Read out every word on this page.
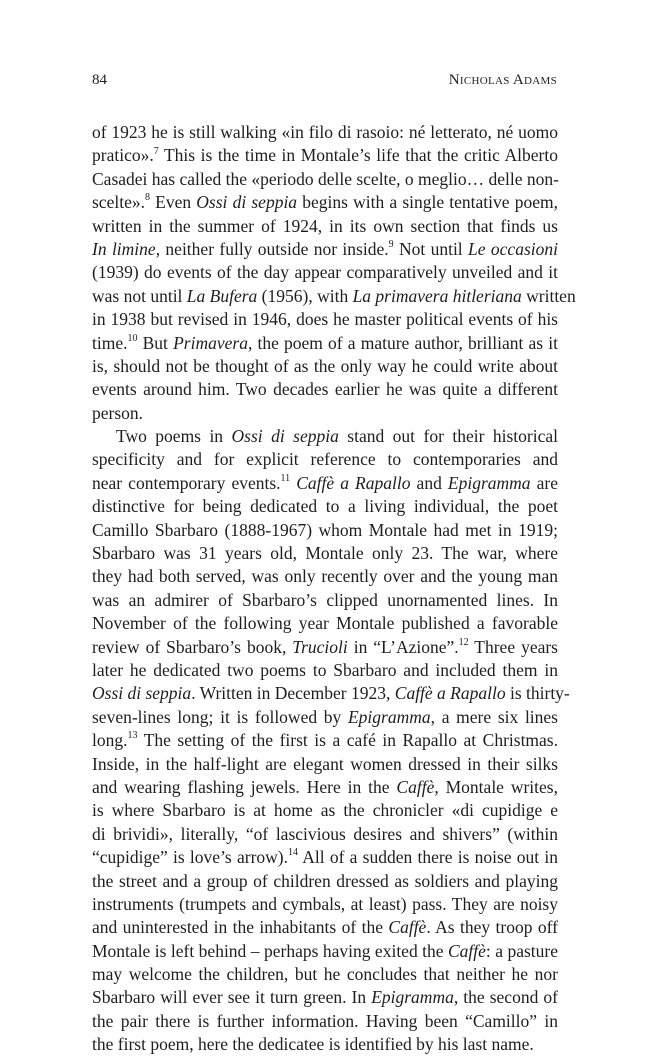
84	Nicholas Adams
of 1923 he is still walking «in filo di rasoio: né letterato, né uomo
pratico».$^7$ This is the time in Montale’s life that the critic Alberto
Casadei has called the «periodo delle scelte, o meglio… delle non-
scelte».$^8$ Even Ossi di seppia begins with a single tentative poem,
written in the summer of 1924, in its own section that finds us
In limine, neither fully outside nor inside.$^9$ Not until Le occasioni
(1939) do events of the day appear comparatively unveiled and it
was not until La Bufera (1956), with La primavera hitleriana written
in 1938 but revised in 1946, does he master political events of his
time.$^{10}$ But Primavera, the poem of a mature author, brilliant as it
is, should not be thought of as the only way he could write about
events around him. Two decades earlier he was quite a different
person.
Two poems in Ossi di seppia stand out for their historical
specificity and for explicit reference to contemporaries and
near contemporary events.$^{11}$ Caffè a Rapallo and Epigramma are
distinctive for being dedicated to a living individual, the poet
Camillo Sbarbaro (1888-1967) whom Montale had met in 1919;
Sbarbaro was 31 years old, Montale only 23. The war, where
they had both served, was only recently over and the young man
was an admirer of Sbarbaro’s clipped unornamented lines. In
November of the following year Montale published a favorable
review of Sbarbaro’s book, Trucioli in “L’Azione”.$^{12}$ Three years
later he dedicated two poems to Sbarbaro and included them in
Ossi di seppia. Written in December 1923, Caffè a Rapallo is thirty-
seven-lines long; it is followed by Epigramma, a mere six lines
long.$^{13}$ The setting of the first is a café in Rapallo at Christmas.
Inside, in the half-light are elegant women dressed in their silks
and wearing flashing jewels. Here in the Caffè, Montale writes,
is where Sbarbaro is at home as the chronicler «di cupidige e
di brividi», literally, “of lascivious desires and shivers” (within
“cupidige” is love’s arrow).$^{14}$ All of a sudden there is noise out in
the street and a group of children dressed as soldiers and playing
instruments (trumpets and cymbals, at least) pass. They are noisy
and uninterested in the inhabitants of the Caffè. As they troop off
Montale is left behind – perhaps having exited the Caffè: a pasture
may welcome the children, but he concludes that neither he nor
Sbarbaro will ever see it turn green. In Epigramma, the second of
the pair there is further information. Having been “Camillo” in
the first poem, here the dedicatee is identified by his last name.
